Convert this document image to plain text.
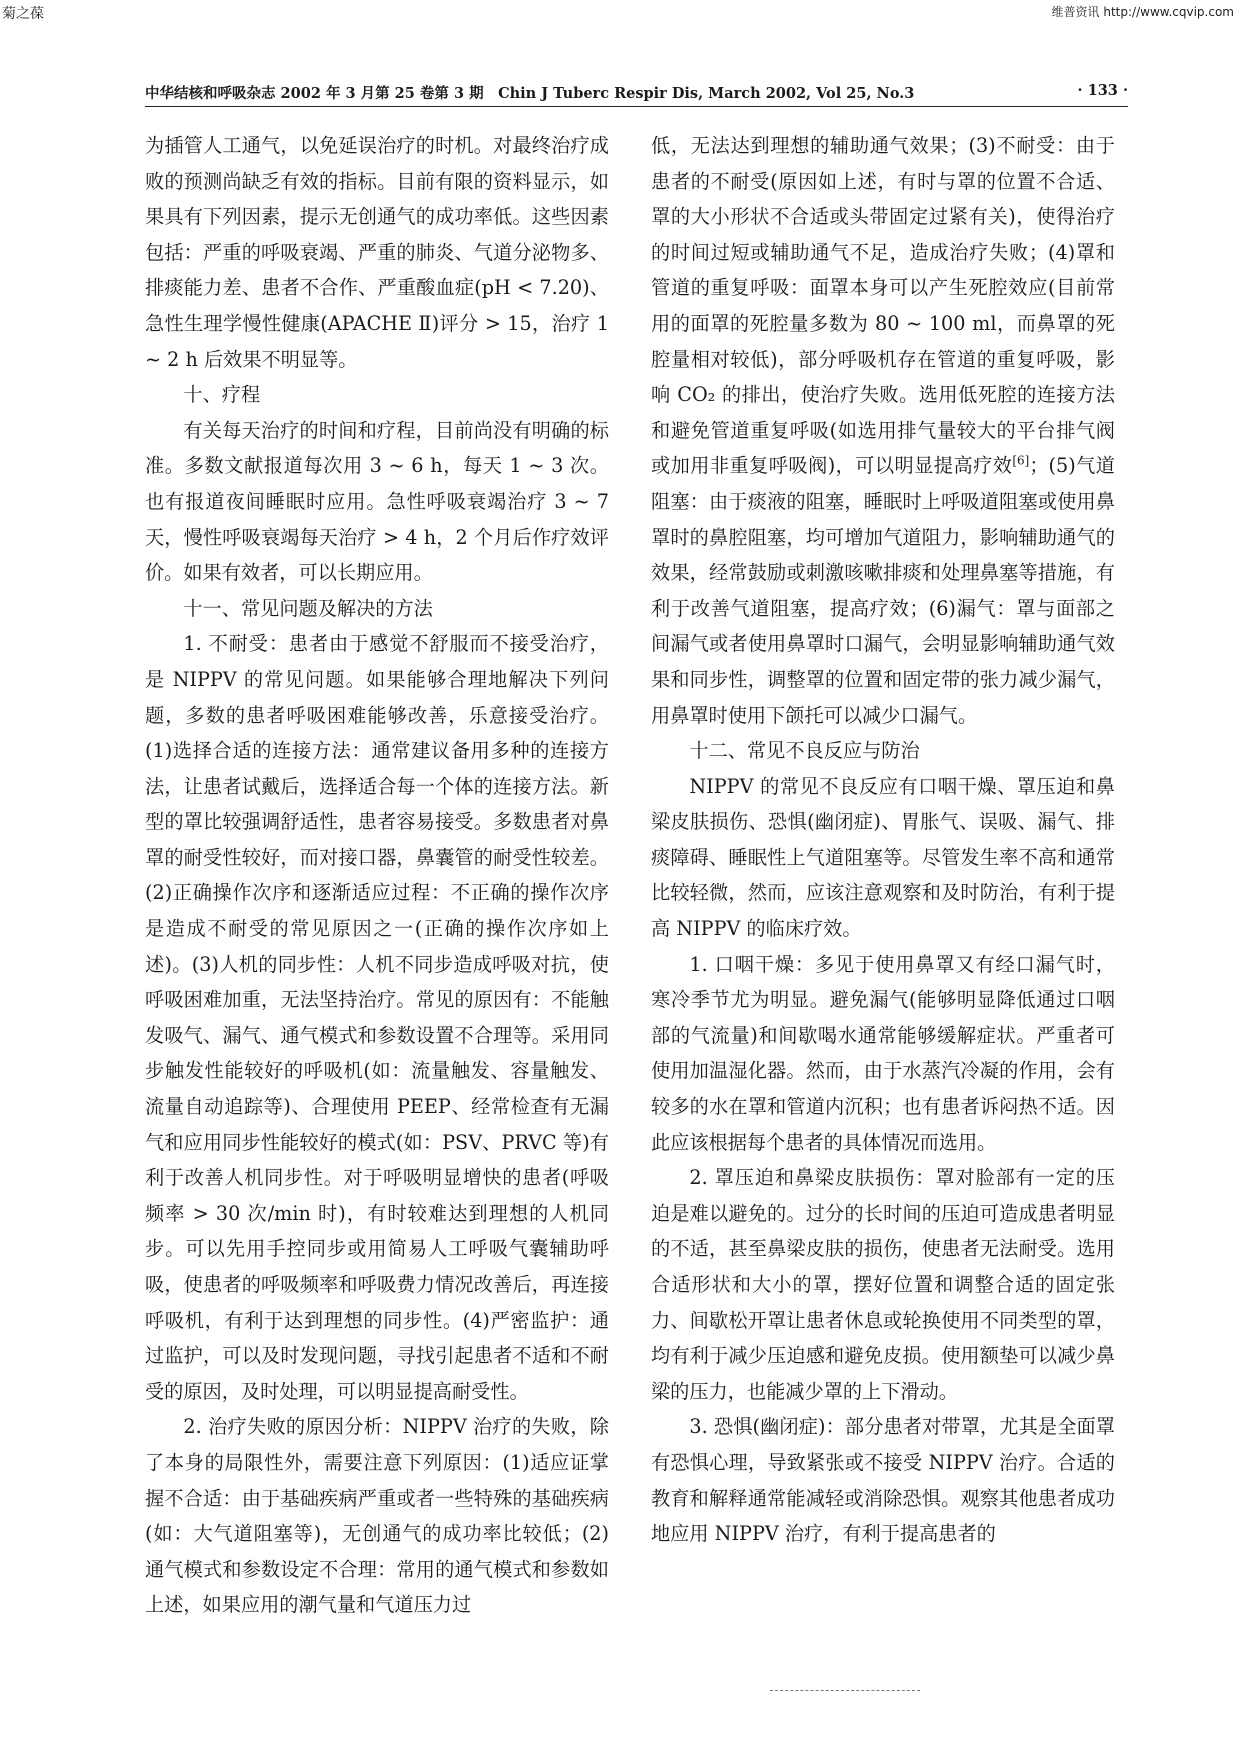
菊之葆	维普资讯 http://www.cqvip.com
中华结核和呼吸杂志 2002 年 3 月第 25 卷第 3 期　Chin J Tuberc Respir Dis, March 2002, Vol 25, No.3	· 133 ·

为插管人工通气，以免延误治疗的时机。对最终治疗成败的预测尚缺乏有效的指标。目前有限的资料显示，如果具有下列因素，提示无创通气的成功率低。这些因素包括：严重的呼吸衰竭、严重的肺炎、气道分泌物多、排痰能力差、患者不合作、严重酸血症(pH < 7.20)、急性生理学慢性健康(APACHE Ⅱ)评分 > 15，治疗 1 ~ 2 h 后效果不明显等。

十、疗程

有关每天治疗的时间和疗程，目前尚没有明确的标准。多数文献报道每次用 3 ~ 6 h，每天 1 ~ 3 次。也有报道夜间睡眠时应用。急性呼吸衰竭治疗 3 ~ 7 天，慢性呼吸衰竭每天治疗 > 4 h，2 个月后作疗效评价。如果有效者，可以长期应用。

十一、常见问题及解决的方法

1. 不耐受：患者由于感觉不舒服而不接受治疗，是 NIPPV 的常见问题。如果能够合理地解决下列问题，多数的患者呼吸困难能够改善，乐意接受治疗。(1)选择合适的连接方法：通常建议备用多种的连接方法，让患者试戴后，选择适合每一个体的连接方法。新型的罩比较强调舒适性，患者容易接受。多数患者对鼻罩的耐受性较好，而对接口器，鼻囊管的耐受性较差。(2)正确操作次序和逐渐适应过程：不正确的操作次序是造成不耐受的常见原因之一(正确的操作次序如上述)。(3)人机的同步性：人机不同步造成呼吸对抗，使呼吸困难加重，无法坚持治疗。常见的原因有：不能触发吸气、漏气、通气模式和参数设置不合理等。采用同步触发性能较好的呼吸机(如：流量触发、容量触发、流量自动追踪等)、合理使用 PEEP、经常检查有无漏气和应用同步性能较好的模式(如：PSV、PRVC 等)有利于改善人机同步性。对于呼吸明显增快的患者(呼吸频率 > 30 次/min 时)，有时较难达到理想的人机同步。可以先用手控同步或用简易人工呼吸气囊辅助呼吸，使患者的呼吸频率和呼吸费力情况改善后，再连接呼吸机，有利于达到理想的同步性。(4)严密监护：通过监护，可以及时发现问题，寻找引起患者不适和不耐受的原因，及时处理，可以明显提高耐受性。

2. 治疗失败的原因分析：NIPPV 治疗的失败，除了本身的局限性外，需要注意下列原因：(1)适应证掌握不合适：由于基础疾病严重或者一些特殊的基础疾病(如：大气道阻塞等)，无创通气的成功率比较低；(2)通气模式和参数设定不合理：常用的通气模式和参数如上述，如果应用的潮气量和气道压力过

低，无法达到理想的辅助通气效果；(3)不耐受：由于患者的不耐受(原因如上述，有时与罩的位置不合适、罩的大小形状不合适或头带固定过紧有关)，使得治疗的时间过短或辅助通气不足，造成治疗失败；(4)罩和管道的重复呼吸：面罩本身可以产生死腔效应(目前常用的面罩的死腔量多数为 80 ~ 100 ml，而鼻罩的死腔量相对较低)，部分呼吸机存在管道的重复呼吸，影响 CO₂ 的排出，使治疗失败。选用低死腔的连接方法和避免管道重复呼吸(如选用排气量较大的平台排气阀或加用非重复呼吸阀)，可以明显提高疗效[6]；(5)气道阻塞：由于痰液的阻塞，睡眠时上呼吸道阻塞或使用鼻罩时的鼻腔阻塞，均可增加气道阻力，影响辅助通气的效果，经常鼓励或刺激咳嗽排痰和处理鼻塞等措施，有利于改善气道阻塞，提高疗效；(6)漏气：罩与面部之间漏气或者使用鼻罩时口漏气，会明显影响辅助通气效果和同步性，调整罩的位置和固定带的张力减少漏气，用鼻罩时使用下颌托可以减少口漏气。

十二、常见不良反应与防治

NIPPV 的常见不良反应有口咽干燥、罩压迫和鼻梁皮肤损伤、恐惧(幽闭症)、胃胀气、误吸、漏气、排痰障碍、睡眠性上气道阻塞等。尽管发生率不高和通常比较轻微，然而，应该注意观察和及时防治，有利于提高 NIPPV 的临床疗效。

1. 口咽干燥：多见于使用鼻罩又有经口漏气时，寒冷季节尤为明显。避免漏气(能够明显降低通过口咽部的气流量)和间歇喝水通常能够缓解症状。严重者可使用加温湿化器。然而，由于水蒸汽冷凝的作用，会有较多的水在罩和管道内沉积；也有患者诉闷热不适。因此应该根据每个患者的具体情况而选用。

2. 罩压迫和鼻梁皮肤损伤：罩对脸部有一定的压迫是难以避免的。过分的长时间的压迫可造成患者明显的不适，甚至鼻梁皮肤的损伤，使患者无法耐受。选用合适形状和大小的罩，摆好位置和调整合适的固定张力、间歇松开罩让患者休息或轮换使用不同类型的罩，均有利于减少压迫感和避免皮损。使用额垫可以减少鼻梁的压力，也能减少罩的上下滑动。

3. 恐惧(幽闭症)：部分患者对带罩，尤其是全面罩有恐惧心理，导致紧张或不接受 NIPPV 治疗。合适的教育和解释通常能减轻或消除恐惧。观察其他患者成功地应用 NIPPV 治疗，有利于提高患者的
